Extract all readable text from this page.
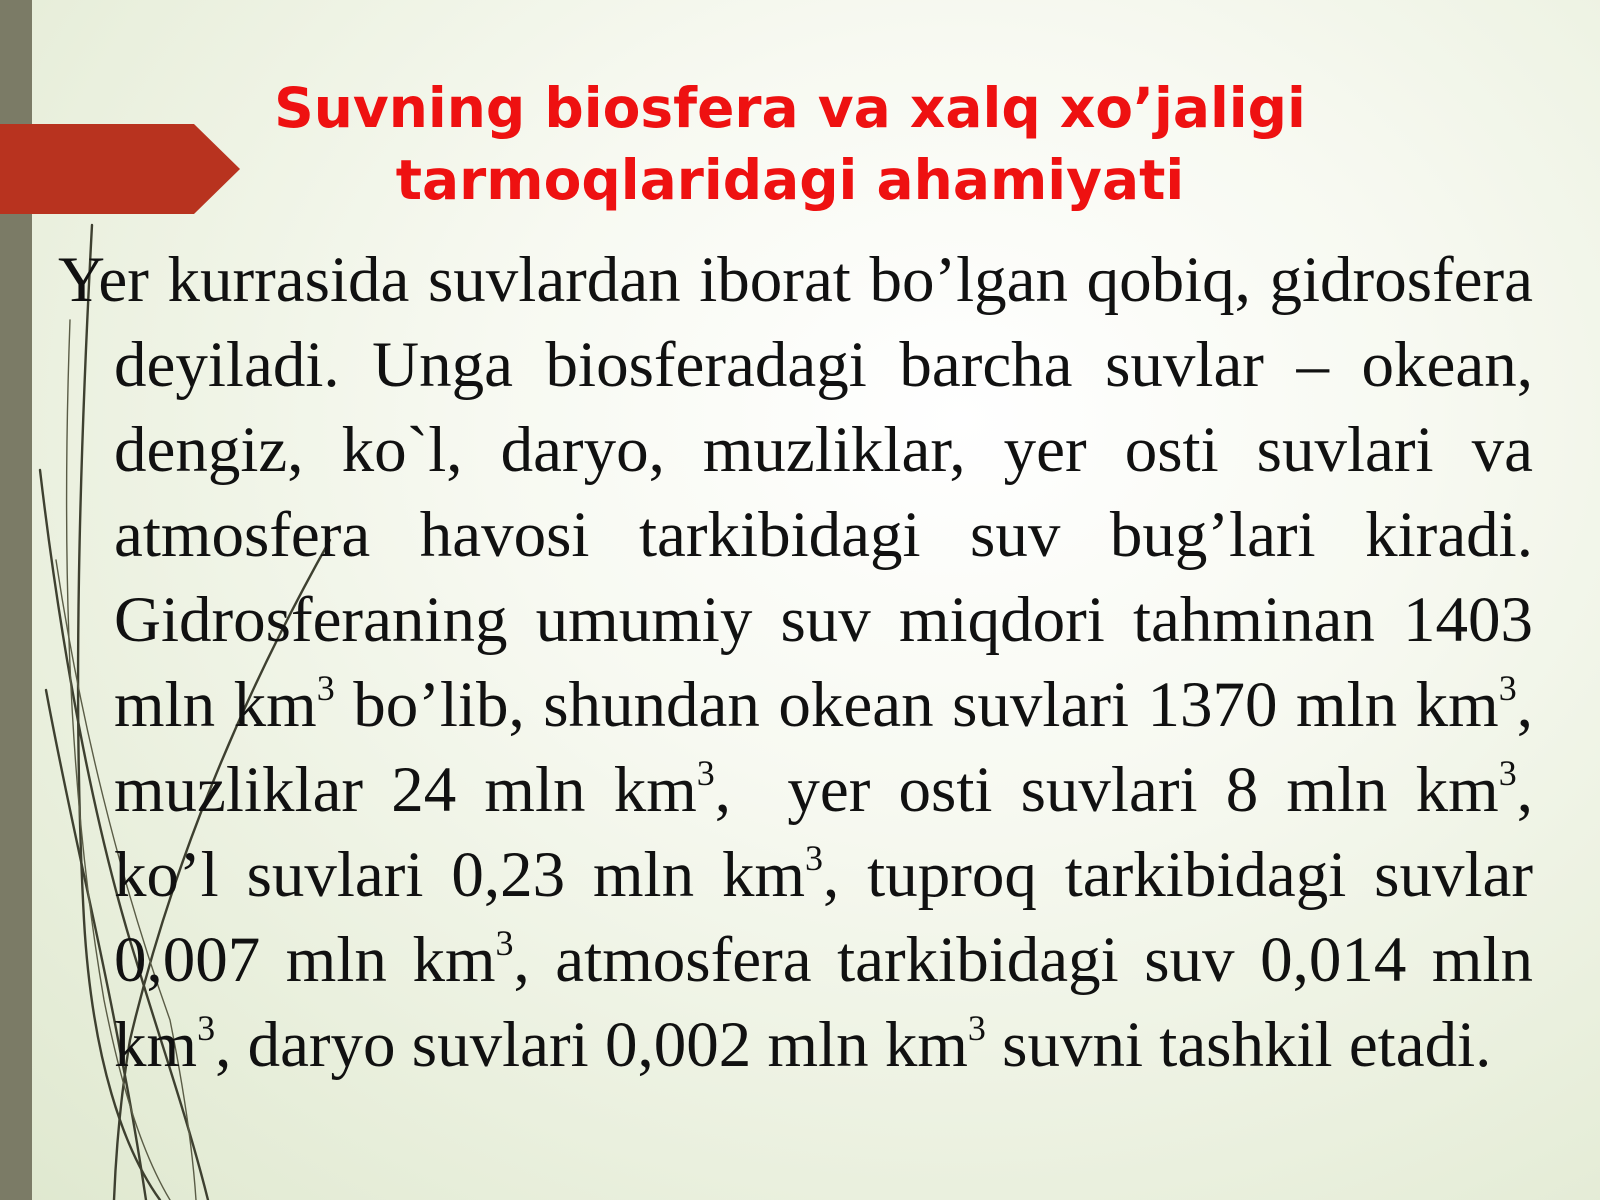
Suvning biosfera va xalq xo’jaligi
tarmoqlaridagi ahamiyati
Yer kurrasida suvlardan iborat bo’lgan qobiq, gidrosfera deyiladi. Unga biosferadagi barcha suvlar – okean, dengiz, ko`l, daryo, muzliklar, yer osti suvlari va atmosfera havosi tarkibidagi suv bug’lari kiradi. Gidrosferaning umumiy suv miqdori tahminan 1403 mln $km^3$ bo’lib, shundan okean suvlari 1370 mln $km^3$, muzliklar 24 mln $km^3$,  yer osti suvlari 8 mln $km^3$, ko’l suvlari 0,23 mln $km^3$, tuproq tarkibidagi suvlar 0,007 mln $km^3$, atmosfera tarkibidagi suv 0,014 mln $km^3$, daryo suvlari 0,002 mln $km^3$ suvni tashkil etadi.
